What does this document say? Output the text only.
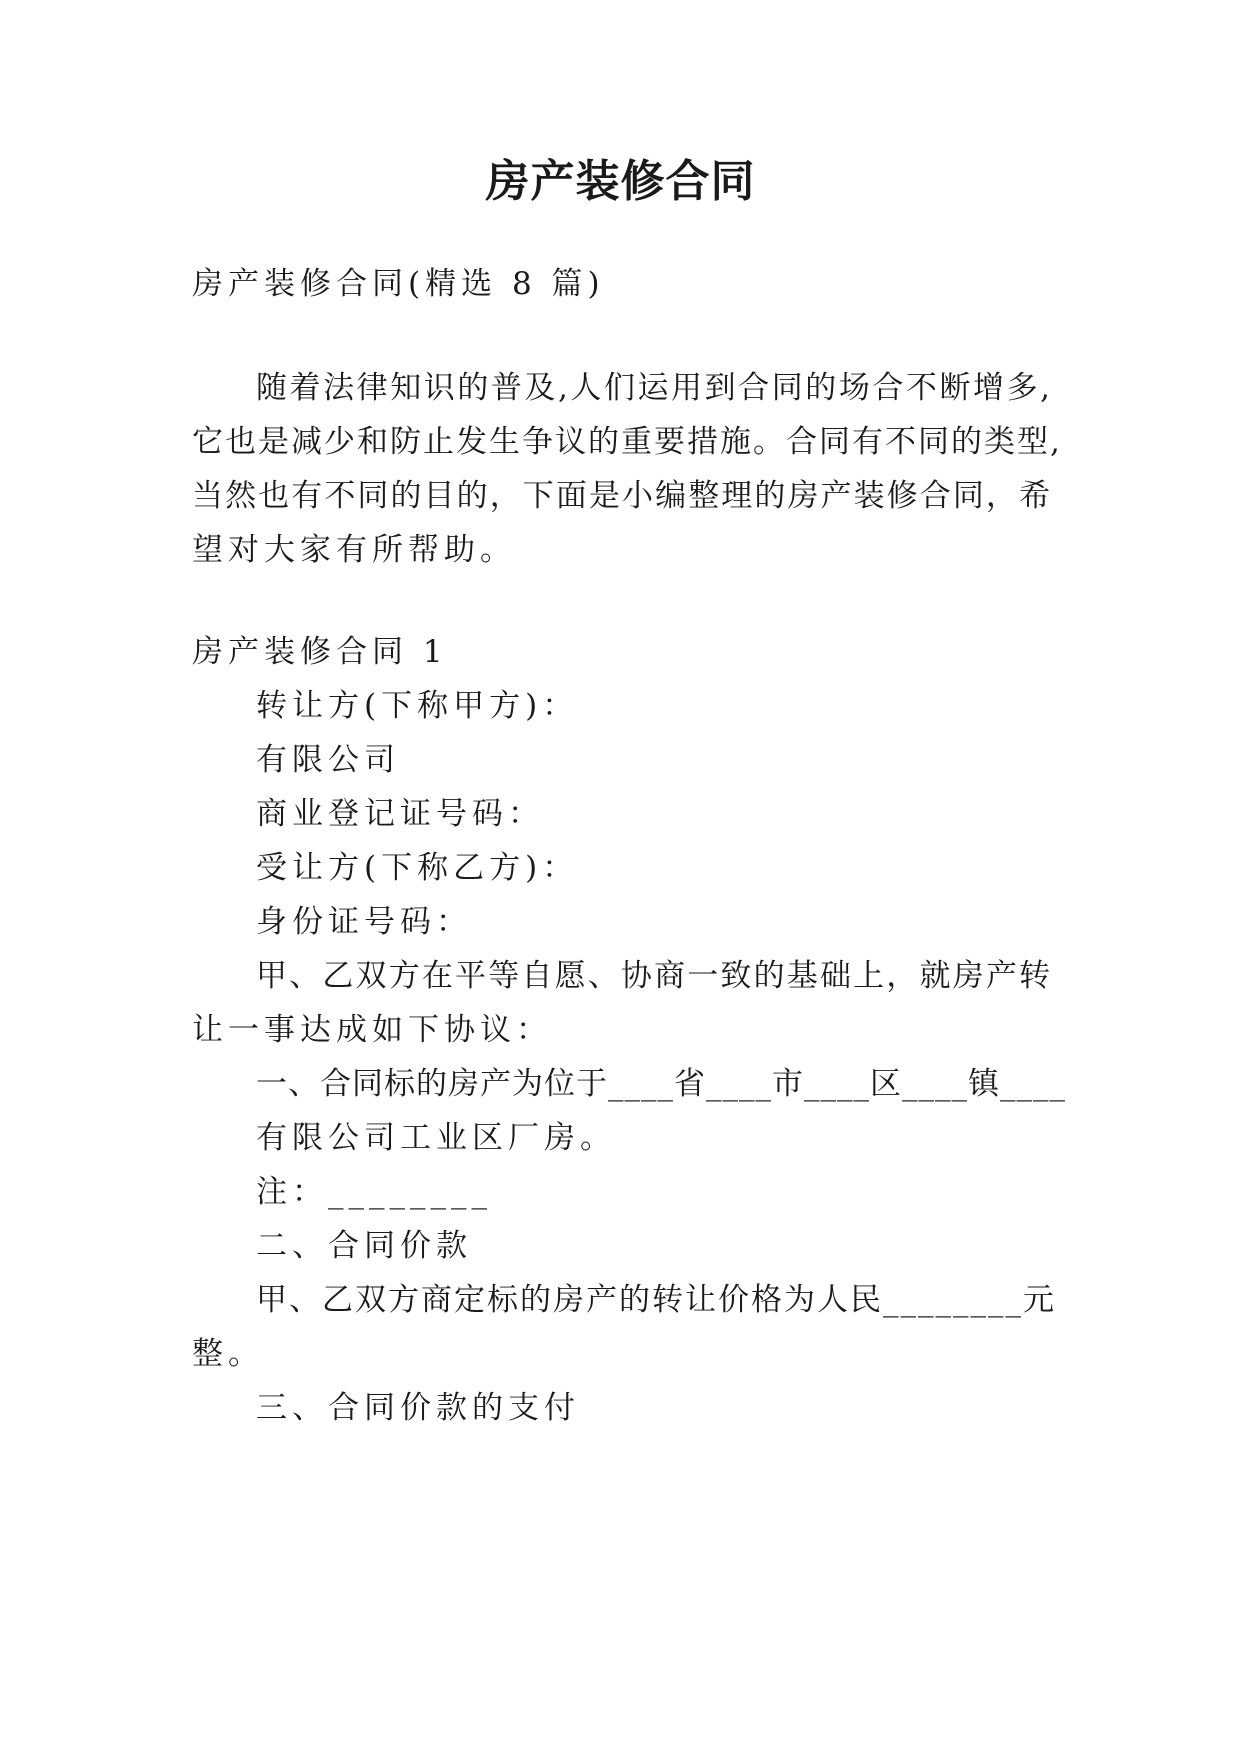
房产装修合同
房产装修合同(精选 8 篇)
随着法律知识的普及,人们运用到合同的场合不断增多,
它也是减少和防止发生争议的重要措施。合同有不同的类型,
当然也有不同的目的，下面是小编整理的房产装修合同，希
望对大家有所帮助。
房产装修合同 1
转让方(下称甲方)：
有限公司
商业登记证号码：
受让方(下称乙方)：
身份证号码：
甲、乙双方在平等自愿、协商一致的基础上，就房产转
让一事达成如下协议：
一、合同标的房产为位于____省____市____区____镇____
有限公司工业区厂房。
注：________
二、合同价款
甲、乙双方商定标的房产的转让价格为人民________元
整。
三、合同价款的支付
